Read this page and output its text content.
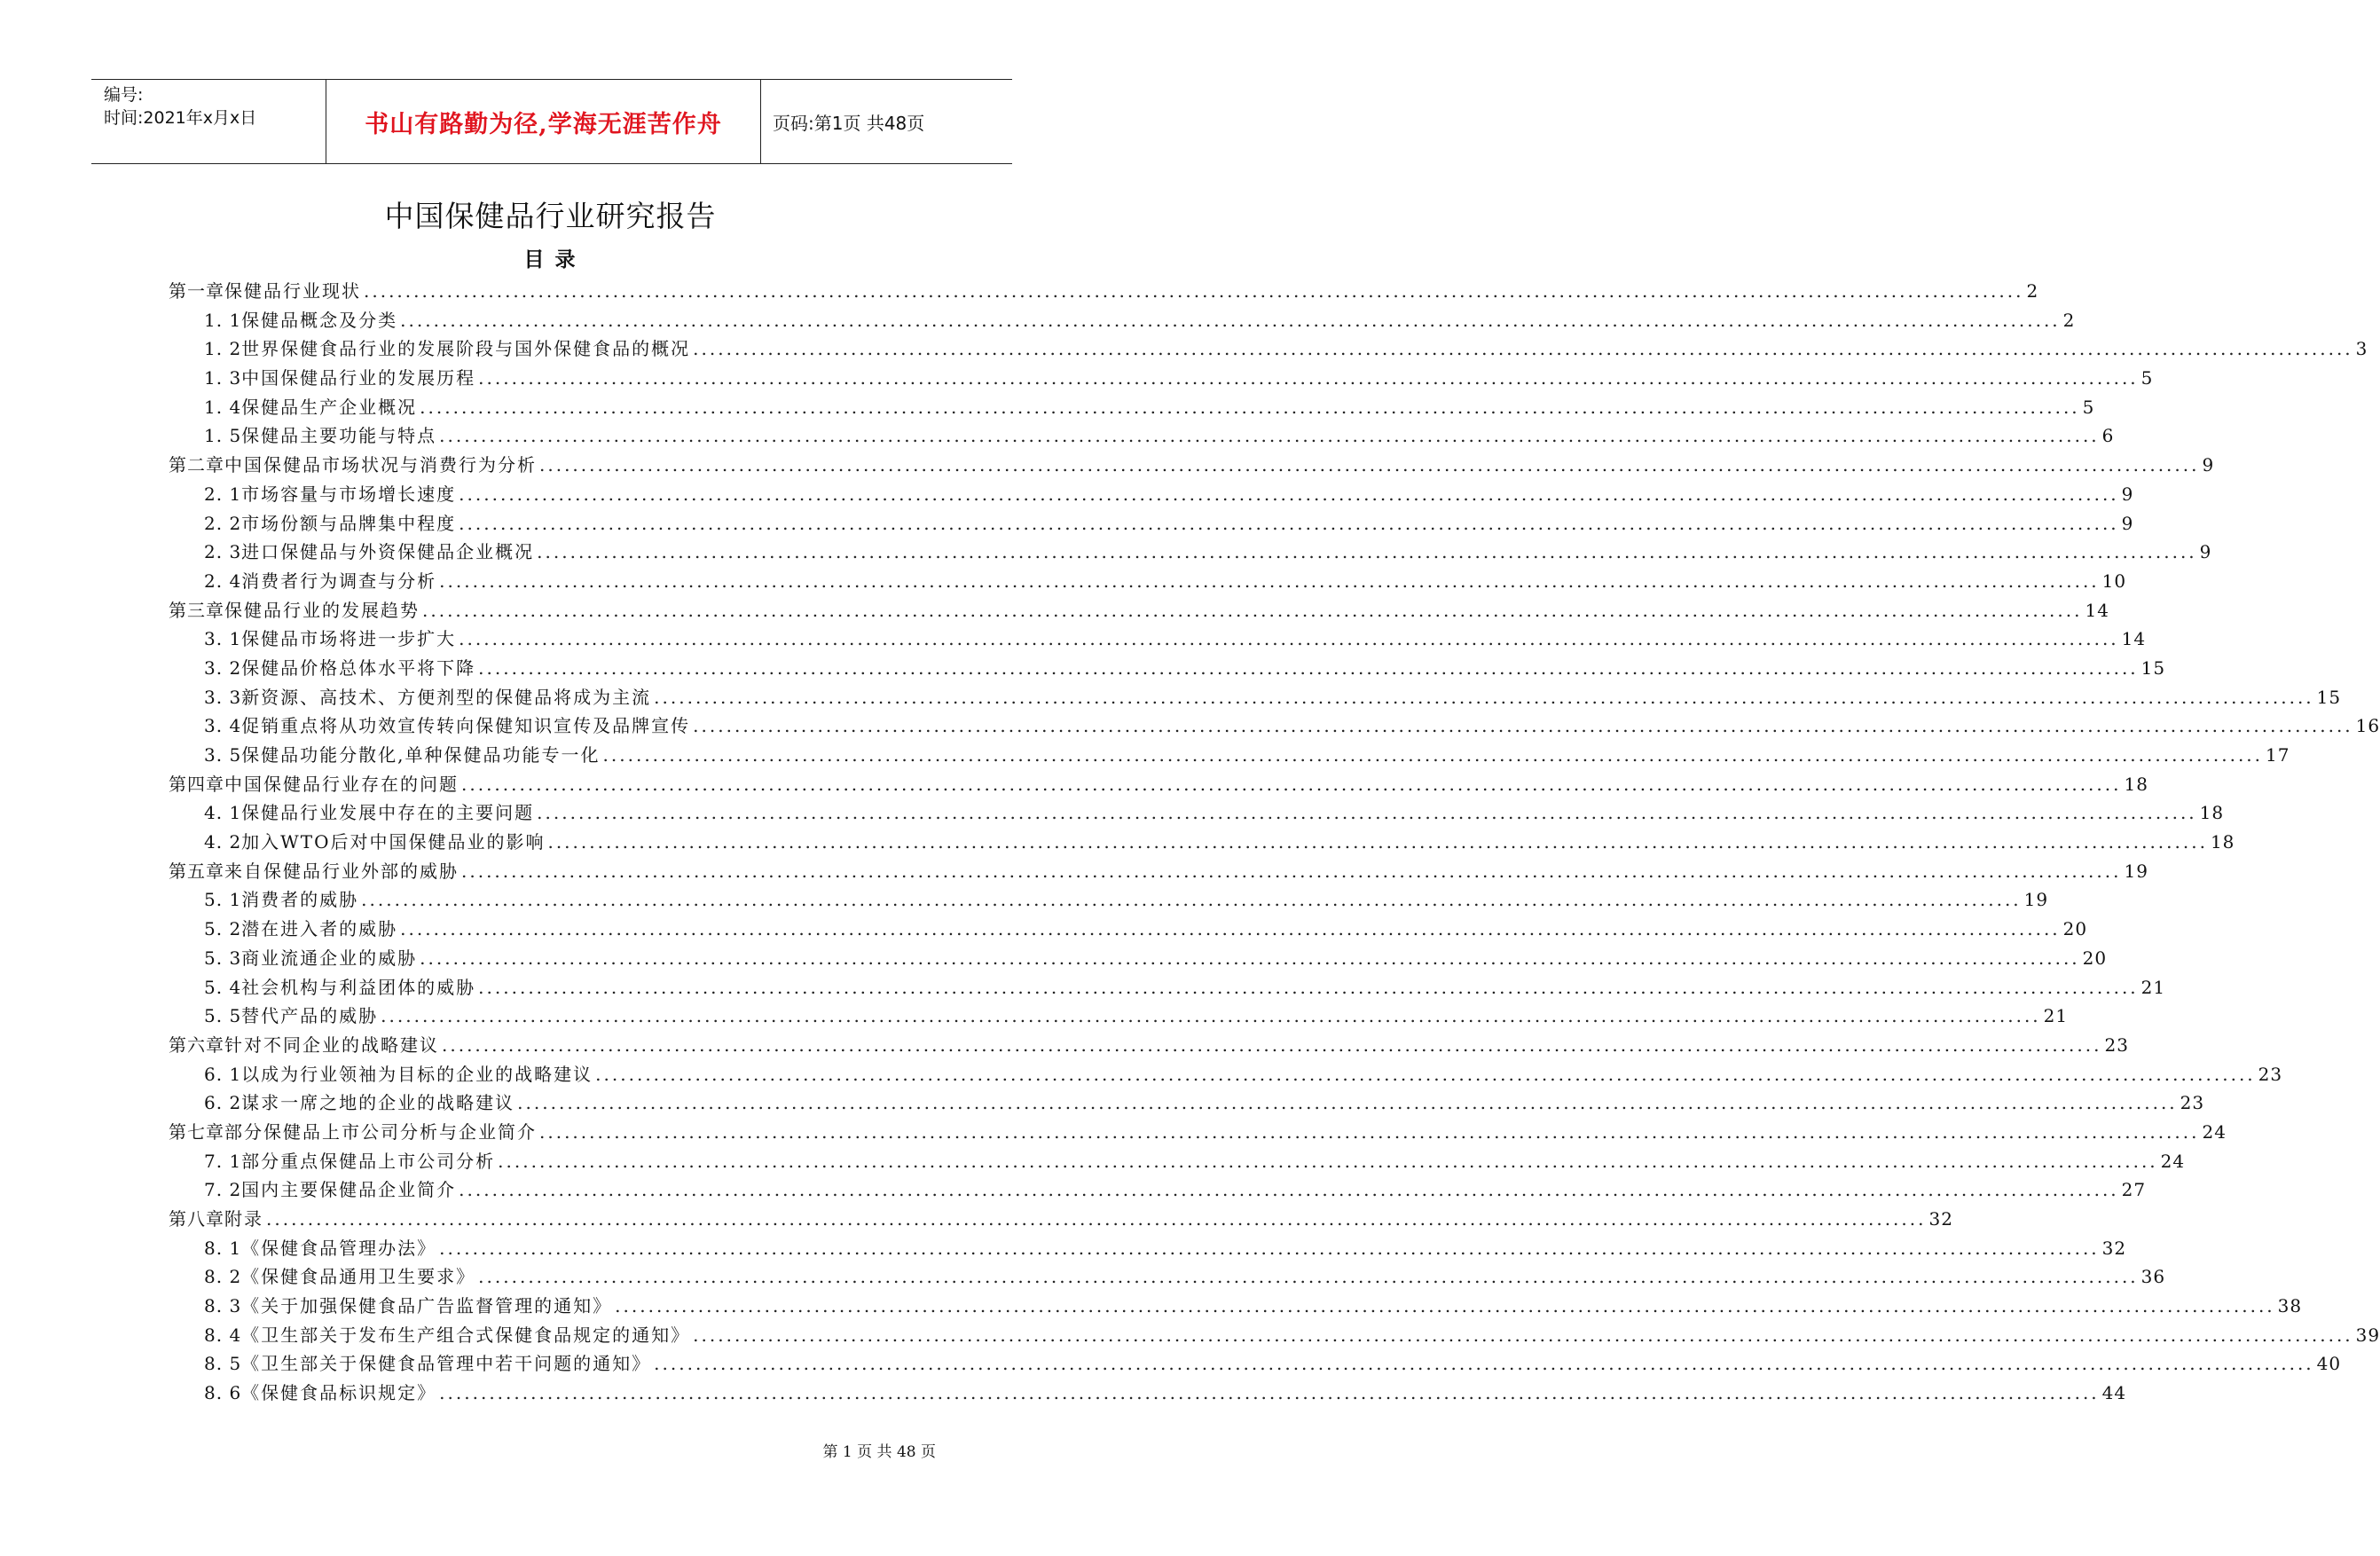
编号:
时间:2021年x月x日	书山有路勤为径,学海无涯苦作舟	页码:第1页 共48页
中国保健品行业研究报告
目 录
第一章 保健品行业现状 ........................................................................................................................................................................................................ 2
1. 1 保健品概念及分类 ........................................................................................................................................................................................................ 2
1. 2 世界保健食品行业的发展阶段与国外保健食品的概况 ........................................................................................................................................................................................................ 3
1. 3 中国保健品行业的发展历程 ........................................................................................................................................................................................................ 5
1. 4 保健品生产企业概况 ........................................................................................................................................................................................................ 5
1. 5 保健品主要功能与特点 ........................................................................................................................................................................................................ 6
第二章 中国保健品市场状况与消费行为分析 ........................................................................................................................................................................................................ 9
2. 1 市场容量与市场增长速度 ........................................................................................................................................................................................................ 9
2. 2 市场份额与品牌集中程度 ........................................................................................................................................................................................................ 9
2. 3 进口保健品与外资保健品企业概况 ........................................................................................................................................................................................................ 9
2. 4 消费者行为调查与分析 ........................................................................................................................................................................................................ 10
第三章 保健品行业的发展趋势 ........................................................................................................................................................................................................ 14
3. 1 保健品市场将进一步扩大 ........................................................................................................................................................................................................ 14
3. 2 保健品价格总体水平将下降 ........................................................................................................................................................................................................ 15
3. 3 新资源、高技术、方便剂型的保健品将成为主流 ........................................................................................................................................................................................................ 15
3. 4 促销重点将从功效宣传转向保健知识宣传及品牌宣传 ........................................................................................................................................................................................................ 16
3. 5 保健品功能分散化,单种保健品功能专一化 ........................................................................................................................................................................................................ 17
第四章 中国保健品行业存在的问题 ........................................................................................................................................................................................................ 18
4. 1 保健品行业发展中存在的主要问题 ........................................................................................................................................................................................................ 18
4. 2 加入WTO后对中国保健品业的影响 ........................................................................................................................................................................................................ 18
第五章 来自保健品行业外部的威胁 ........................................................................................................................................................................................................ 19
5. 1 消费者的威胁 ........................................................................................................................................................................................................ 19
5. 2 潜在进入者的威胁 ........................................................................................................................................................................................................ 20
5. 3 商业流通企业的威胁 ........................................................................................................................................................................................................ 20
5. 4 社会机构与利益团体的威胁 ........................................................................................................................................................................................................ 21
5. 5 替代产品的威胁 ........................................................................................................................................................................................................ 21
第六章 针对不同企业的战略建议 ........................................................................................................................................................................................................ 23
6. 1 以成为行业领袖为目标的企业的战略建议 ........................................................................................................................................................................................................ 23
6. 2 谋求一席之地的企业的战略建议 ........................................................................................................................................................................................................ 23
第七章 部分保健品上市公司分析与企业简介 ........................................................................................................................................................................................................ 24
7. 1 部分重点保健品上市公司分析 ........................................................................................................................................................................................................ 24
7. 2 国内主要保健品企业简介 ........................................................................................................................................................................................................ 27
第八章 附录 ........................................................................................................................................................................................................ 32
8. 1 《保健食品管理办法》 ........................................................................................................................................................................................................ 32
8. 2 《保健食品通用卫生要求》 ........................................................................................................................................................................................................ 36
8. 3 《关于加强保健食品广告监督管理的通知》 ........................................................................................................................................................................................................ 38
8. 4 《卫生部关于发布生产组合式保健食品规定的通知》 ........................................................................................................................................................................................................ 39
8. 5 《卫生部关于保健食品管理中若干问题的通知》 ........................................................................................................................................................................................................ 40
8. 6 《保健食品标识规定》 ........................................................................................................................................................................................................ 44
第 1 页 共 48 页
